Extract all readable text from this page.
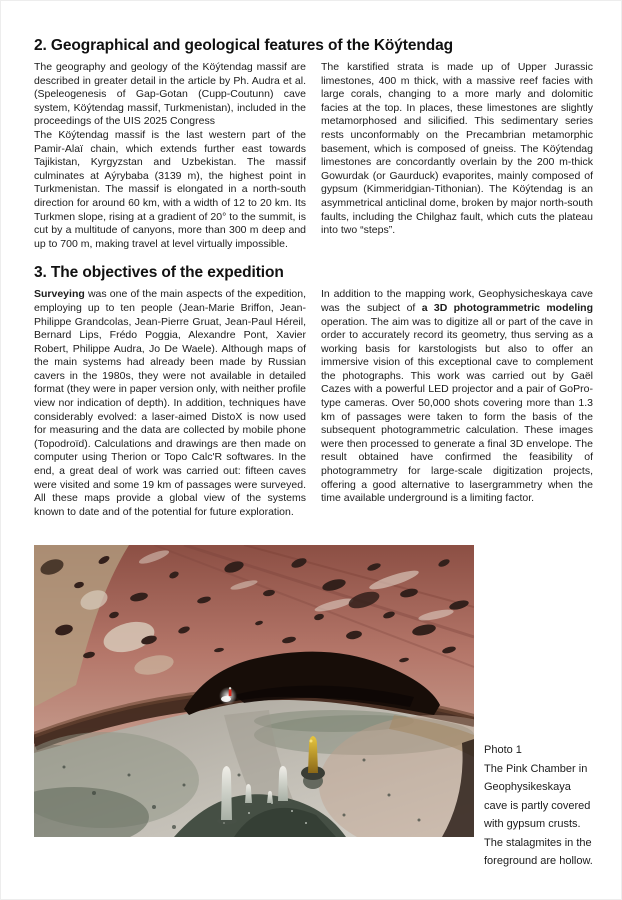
2. Geographical and geological features of the Köýtendag

The geography and geology of the Köýtendag massif are described in greater detail in the article by Ph. Audra et al. (Speleogenesis of Gap-Gotan (Cupp-Coutunn) cave system, Köýtendag massif, Turkmenistan), included in the proceedings of the UIS 2025 Congress

The Köýtendag massif is the last western part of the Pamir-Alaï chain, which extends further east towards Tajikistan, Kyrgyzstan and Uzbekistan. The massif culminates at Aýrybaba (3139 m), the highest point in Turkmenistan. The massif is elongated in a north-south direction for around 60 km, with a width of 12 to 20 km. Its Turkmen slope, rising at a gradient of 20° to the summit, is cut by a multitude of canyons, more than 300 m deep and up to 700 m, making travel at level virtually impossible.

The karstified strata is made up of Upper Jurassic limestones, 400 m thick, with a massive reef facies with large corals, changing to a more marly and dolomitic facies at the top. In places, these limestones are slightly metamorphosed and silicified. This sedimentary series rests unconformably on the Precambrian metamorphic basement, which is composed of gneiss. The Köýtendag limestones are concordantly overlain by the 200 m-thick Gowurdak (or Gaurduck) evaporites, mainly composed of gypsum (Kimmeridgian-Tithonian). The Köýtendag is an asymmetrical anticlinal dome, broken by major north-south faults, including the Chilghaz fault, which cuts the plateau into two “steps”.

3. The objectives of the expedition

Surveying was one of the main aspects of the expedition, employing up to ten people (Jean-Marie Briffon, Jean-Philippe Grandcolas, Jean-Pierre Gruat, Jean-Paul Héreil, Bernard Lips, Frédo Poggia, Alexandre Pont, Xavier Robert, Philippe Audra, Jo De Waele). Although maps of the main systems had already been made by Russian cavers in the 1980s, they were not available in detailed format (they were in paper version only, with neither profile view nor indication of depth). In addition, techniques have considerably evolved: a laser-aimed DistoX is now used for measuring and the data are collected by mobile phone (Topodroïd). Calculations and drawings are then made on computer using Therion or Topo Calc'R softwares. In the end, a great deal of work was carried out: fifteen caves were visited and some 19 km of passages were surveyed. All these maps provide a global view of the systems known to date and of the potential for future exploration.

In addition to the mapping work, Geophysicheskaya cave was the subject of a 3D photogrammetric modeling operation. The aim was to digitize all or part of the cave in order to accurately record its geometry, thus serving as a working basis for karstologists but also to offer an immersive vision of this exceptional cave to complement the photographs. This work was carried out by Gaël Cazes with a powerful LED projector and a pair of GoPro-type cameras. Over 50,000 shots covering more than 1.3 km of passages were taken to form the basis of the subsequent photogrammetric calculation. These images were then processed to generate a final 3D envelope. The result obtained have confirmed the feasibility of photogrammetry for large-scale digitization projects, offering a good alternative to lasergrammetry when the time available underground is a limiting factor.

Photo 1
The Pink Chamber in Geophysikeskaya cave is partly covered with gypsum crusts. The stalagmites in the foreground are hollow.
